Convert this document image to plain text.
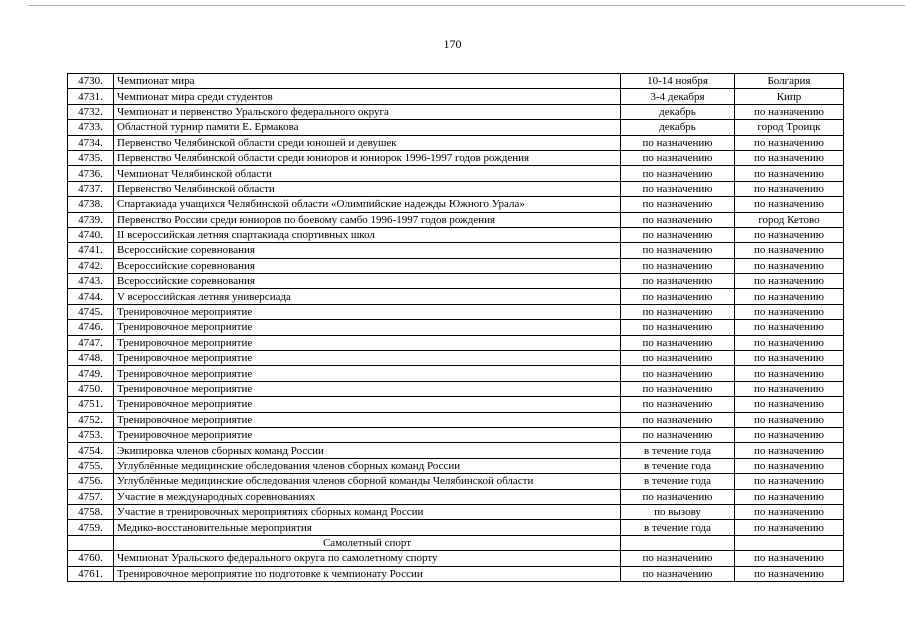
170
4730.	Чемпионат мира	10-14 ноября	Болгария
4731.	Чемпионат мира среди студентов	3-4 декабря	Кипр
4732.	Чемпионат и первенство Уральского федерального округа	декабрь	по назначению
4733.	Областной турнир памяти Е. Ермакова	декабрь	город Троицк
4734.	Первенство Челябинской области среди юношей и девушек	по назначению	по назначению
4735.	Первенство Челябинской области среди юниоров и юниорок 1996-1997 годов рождения	по назначению	по назначению
4736.	Чемпионат Челябинской области	по назначению	по назначению
4737.	Первенство Челябинской области	по назначению	по назначению
4738.	Спартакиада учащихся Челябинской области «Олимпийские надежды Южного Урала»	по назначению	по назначению
4739.	Первенство России среди юниоров по боевому самбо 1996-1997 годов рождения	по назначению	город Кетово
4740.	II всероссийская летняя спартакиада спортивных школ	по назначению	по назначению
4741.	Всероссийские соревнования	по назначению	по назначению
4742.	Всероссийские соревнования	по назначению	по назначению
4743.	Всероссийские соревнования	по назначению	по назначению
4744.	V всероссийская летняя универсиада	по назначению	по назначению
4745.	Тренировочное мероприятие	по назначению	по назначению
4746.	Тренировочное мероприятие	по назначению	по назначению
4747.	Тренировочное мероприятие	по назначению	по назначению
4748.	Тренировочное мероприятие	по назначению	по назначению
4749.	Тренировочное мероприятие	по назначению	по назначению
4750.	Тренировочное мероприятие	по назначению	по назначению
4751.	Тренировочное мероприятие	по назначению	по назначению
4752.	Тренировочное мероприятие	по назначению	по назначению
4753.	Тренировочное мероприятие	по назначению	по назначению
4754.	Экипировка членов сборных команд России	в течение года	по назначению
4755.	Углублённые медицинские обследования членов сборных команд России	в течение года	по назначению
4756.	Углублённые медицинские обследования членов сборной команды Челябинской области	в течение года	по назначению
4757.	Участие в международных соревнованиях	по назначению	по назначению
4758.	Участие в тренировочных мероприятиях сборных команд России	по вызову	по назначению
4759.	Медико-восстановительные мероприятия	в течение года	по назначению
	Самолетный спорт		
4760.	Чемпионат Уральского федерального округа по самолетному спорту	по назначению	по назначению
4761.	Тренировочное мероприятие по подготовке к чемпионату России	по назначению	по назначению
